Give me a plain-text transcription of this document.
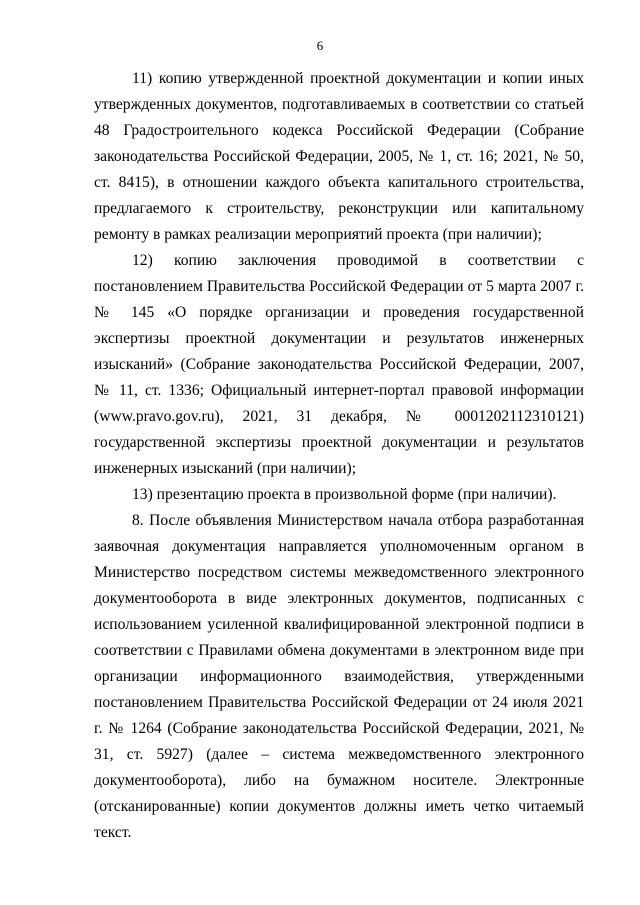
6

11) копию утвержденной проектной документации и копии иных утвержденных документов, подготавливаемых в соответствии со статьей 48 Градостроительного кодекса Российской Федерации (Собрание законодательства Российской Федерации, 2005, № 1, ст. 16; 2021, № 50, ст. 8415), в отношении каждого объекта капитального строительства, предлагаемого к строительству, реконструкции или капитальному ремонту в рамках реализации мероприятий проекта (при наличии);

12) копию заключения проводимой в соответствии с постановлением Правительства Российской Федерации от 5 марта 2007 г. № 145 «О порядке организации и проведения государственной экспертизы проектной документации и результатов инженерных изысканий» (Собрание законодательства Российской Федерации, 2007, № 11, ст. 1336; Официальный интернет-портал правовой информации (www.pravo.gov.ru), 2021, 31 декабря, № 0001202112310121) государственной экспертизы проектной документации и результатов инженерных изысканий (при наличии);

13) презентацию проекта в произвольной форме (при наличии).

8. После объявления Министерством начала отбора разработанная заявочная документация направляется уполномоченным органом в Министерство посредством системы межведомственного электронного документооборота в виде электронных документов, подписанных с использованием усиленной квалифицированной электронной подписи в соответствии с Правилами обмена документами в электронном виде при организации информационного взаимодействия, утвержденными постановлением Правительства Российской Федерации от 24 июля 2021 г. № 1264 (Собрание законодательства Российской Федерации, 2021, № 31, ст. 5927) (далее – система межведомственного электронного документооборота), либо на бумажном носителе. Электронные (отсканированные) копии документов должны иметь четко читаемый текст.
